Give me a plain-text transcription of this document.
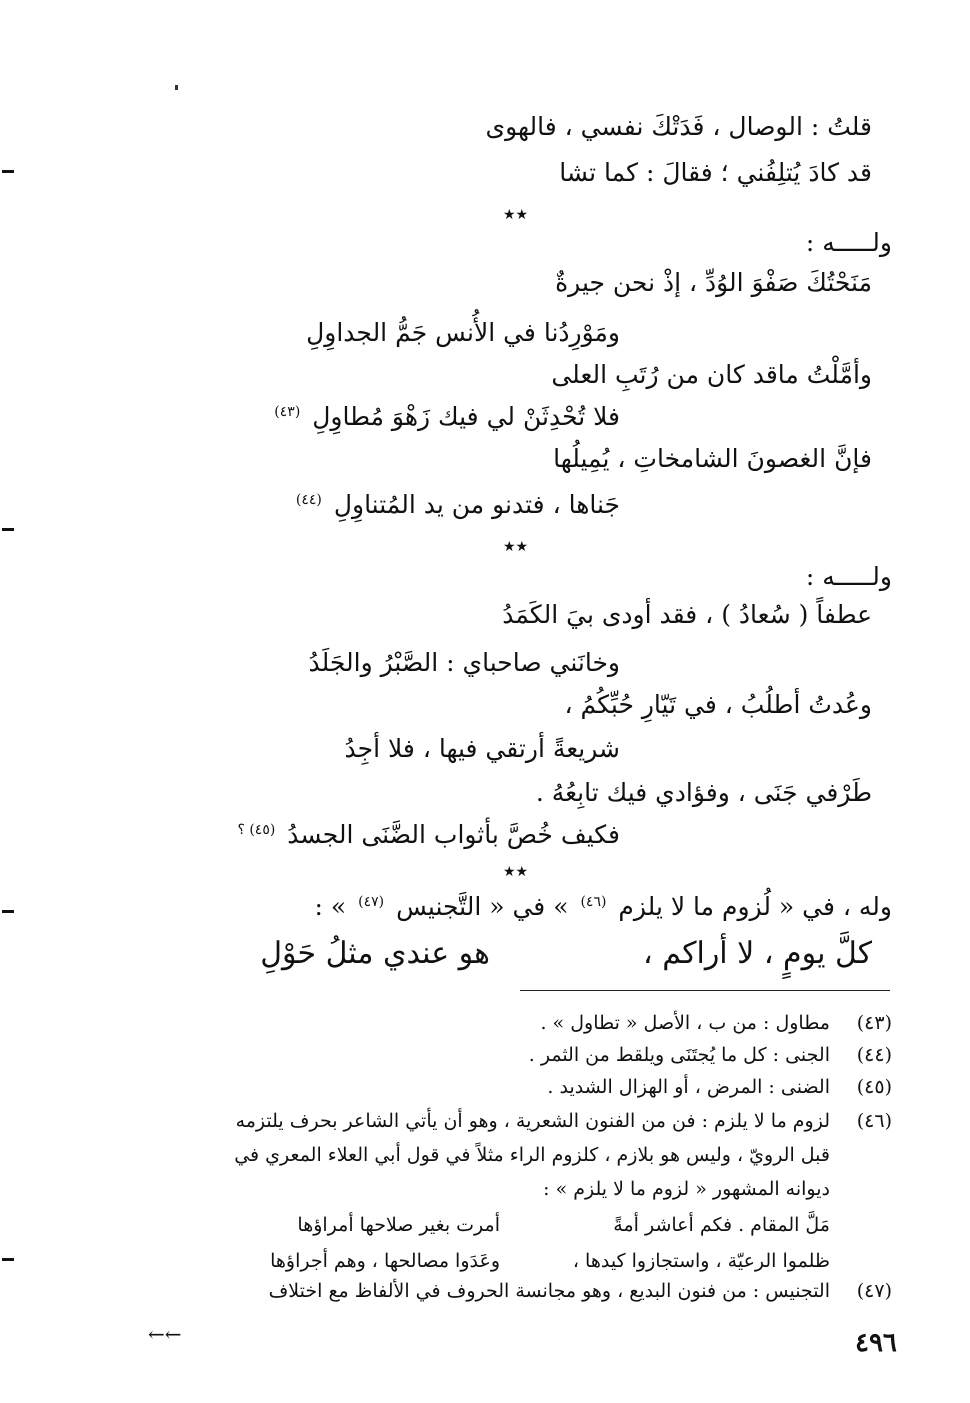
قلتُ : الوصال ، فَدَتْكَ نفسي ، فالهوى
قد كادَ يُتلِفُني ؛ فقالَ : كما تشا
★★
ولـــــه :
مَنَحْتُكَ صَفْوَ الوُدِّ ، إذْ نحن جيرةٌ
ومَوْرِدُنا في الأُنس جَمُّ الجداوِلِ
وأمَّلْتُ ماقد كان من رُتَبِ العلى
فلا تُحْدِثَنْ لي فيك زَهْوَ مُطاوِلِ $^{(٤٣)}$
فإنَّ الغصونَ الشامخاتِ ، يُمِيلُها
جَناها ، فتدنو من يد المُتناوِلِ $^{(٤٤)}$
★★
ولـــــه :
عطفاً ( سُعادُ ) ، فقد أودى بيَ الكَمَدُ
وخانَني صاحباي : الصَّبْرُ والجَلَدُ
وعُدتُ أطلُبُ ، في تَيّارِ حُبِّكُمُ ،
شريعةً أرتقي فيها ، فلا أجِدُ
طَرْفي جَنَى ، وفؤادي فيك تابِعُهُ .
فكيف خُصَّ بأثواب الضَّنَى الجسدُ $^{(٤٥) ؟}$
★★
وله ، في « لُزوم ما لا يلزم $^{(٤٦)}$ » في « التَّجنيس $^{(٤٧)}$ » :
كلَّ يومٍ ، لا أراكم ،
هو عندي مثلُ حَوْلِ
(٤٣)
مطاول : من ب ، الأصل « تطاول » .
(٤٤)
الجنى : كل ما يُجتَنَى ويلقط من الثمر .
(٤٥)
الضنى : المرض ، أو الهزال الشديد .
(٤٦)
لزوم ما لا يلزم : فن من الفنون الشعرية ، وهو أن يأتي الشاعر بحرف يلتزمه
قبل الرويّ ، وليس هو بلازم ، كلزوم الراء مثلاً في قول أبي العلاء المعري في
ديوانه المشهور « لزوم ما لا يلزم » :
مَلَّ المقام . فكم أعاشر أمةً
أمرت بغير صلاحها أمراؤها
ظلموا الرعيّة ، واستجازوا كيدها ،
وعَدَوا مصالحها ، وهم أجراؤها
(٤٧)
التجنيس : من فنون البديع ، وهو مجانسة الحروف في الألفاظ مع اختلاف
←←	٤٩٦
